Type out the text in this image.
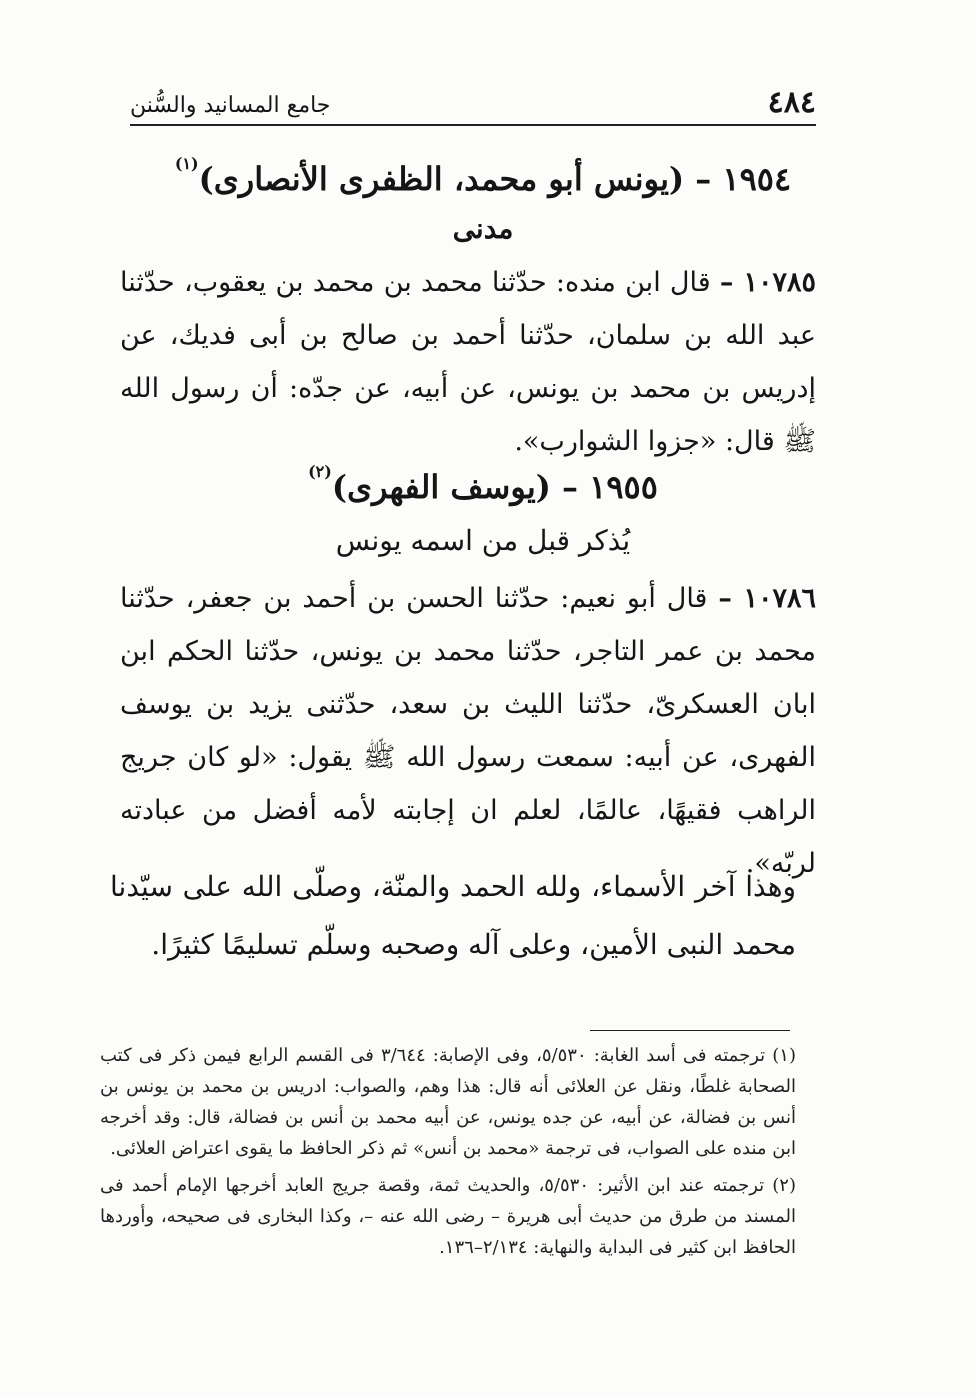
٤٨٤
جامع المسانيد والسُّنن
١٩٥٤ – (يونس أبو محمد، الظفرى الأنصارى)$^{(١)}$
مدنى
١٠٧٨٥ – قال ابن منده: حدّثنا محمد بن محمد بن يعقوب، حدّثنا عبد الله بن سلمان، حدّثنا أحمد بن صالح بن أبى فديك، عن إدريس بن محمد بن يونس، عن أبيه، عن جدّه: أن رسول الله ﷺ قال: «جزوا الشوارب».
١٩٥٥ – (يوسف الفهرى)$^{(٢)}$
يُذكر قبل من اسمه يونس
١٠٧٨٦ – قال أبو نعيم: حدّثنا الحسن بن أحمد بن جعفر، حدّثنا محمد بن عمر التاجر، حدّثنا محمد بن يونس، حدّثنا الحكم ابن ابان العسكرىّ، حدّثنا الليث بن سعد، حدّثنى يزيد بن يوسف الفهرى، عن أبيه: سمعت رسول الله ﷺ يقول: «لو كان جريج الراهب فقيهًا، عالمًا، لعلم ان إجابته لأمه أفضل من عبادته لربّه».
وهذا آخر الأسماء، ولله الحمد والمنّة، وصلّى الله على سيّدنا محمد النبى الأمين، وعلى آله وصحبه وسلّم تسليمًا كثيرًا.

(١) ترجمته فى أسد الغابة: ٥/٥٣٠، وفى الإصابة: ٣/٦٤٤ فى القسم الرابع فيمن ذكر فى كتب الصحابة غلطًا، ونقل عن العلائى أنه قال: هذا وهم، والصواب: ادريس بن محمد بن يونس بن أنس بن فضالة، عن أبيه، عن جده يونس، عن أبيه محمد بن أنس بن فضالة، قال: وقد أخرجه ابن منده على الصواب، فى ترجمة «محمد بن أنس» ثم ذكر الحافظ ما يقوى اعتراض العلائى.

(٢) ترجمته عند ابن الأثير: ٥/٥٣٠، والحديث ثمة، وقصة جريج العابد أخرجها الإمام أحمد فى المسند من طرق من حديث أبى هريرة – رضى الله عنه –، وكذا البخارى فى صحيحه، وأوردها الحافظ ابن كثير فى البداية والنهاية: ٢/١٣٤–١٣٦.
